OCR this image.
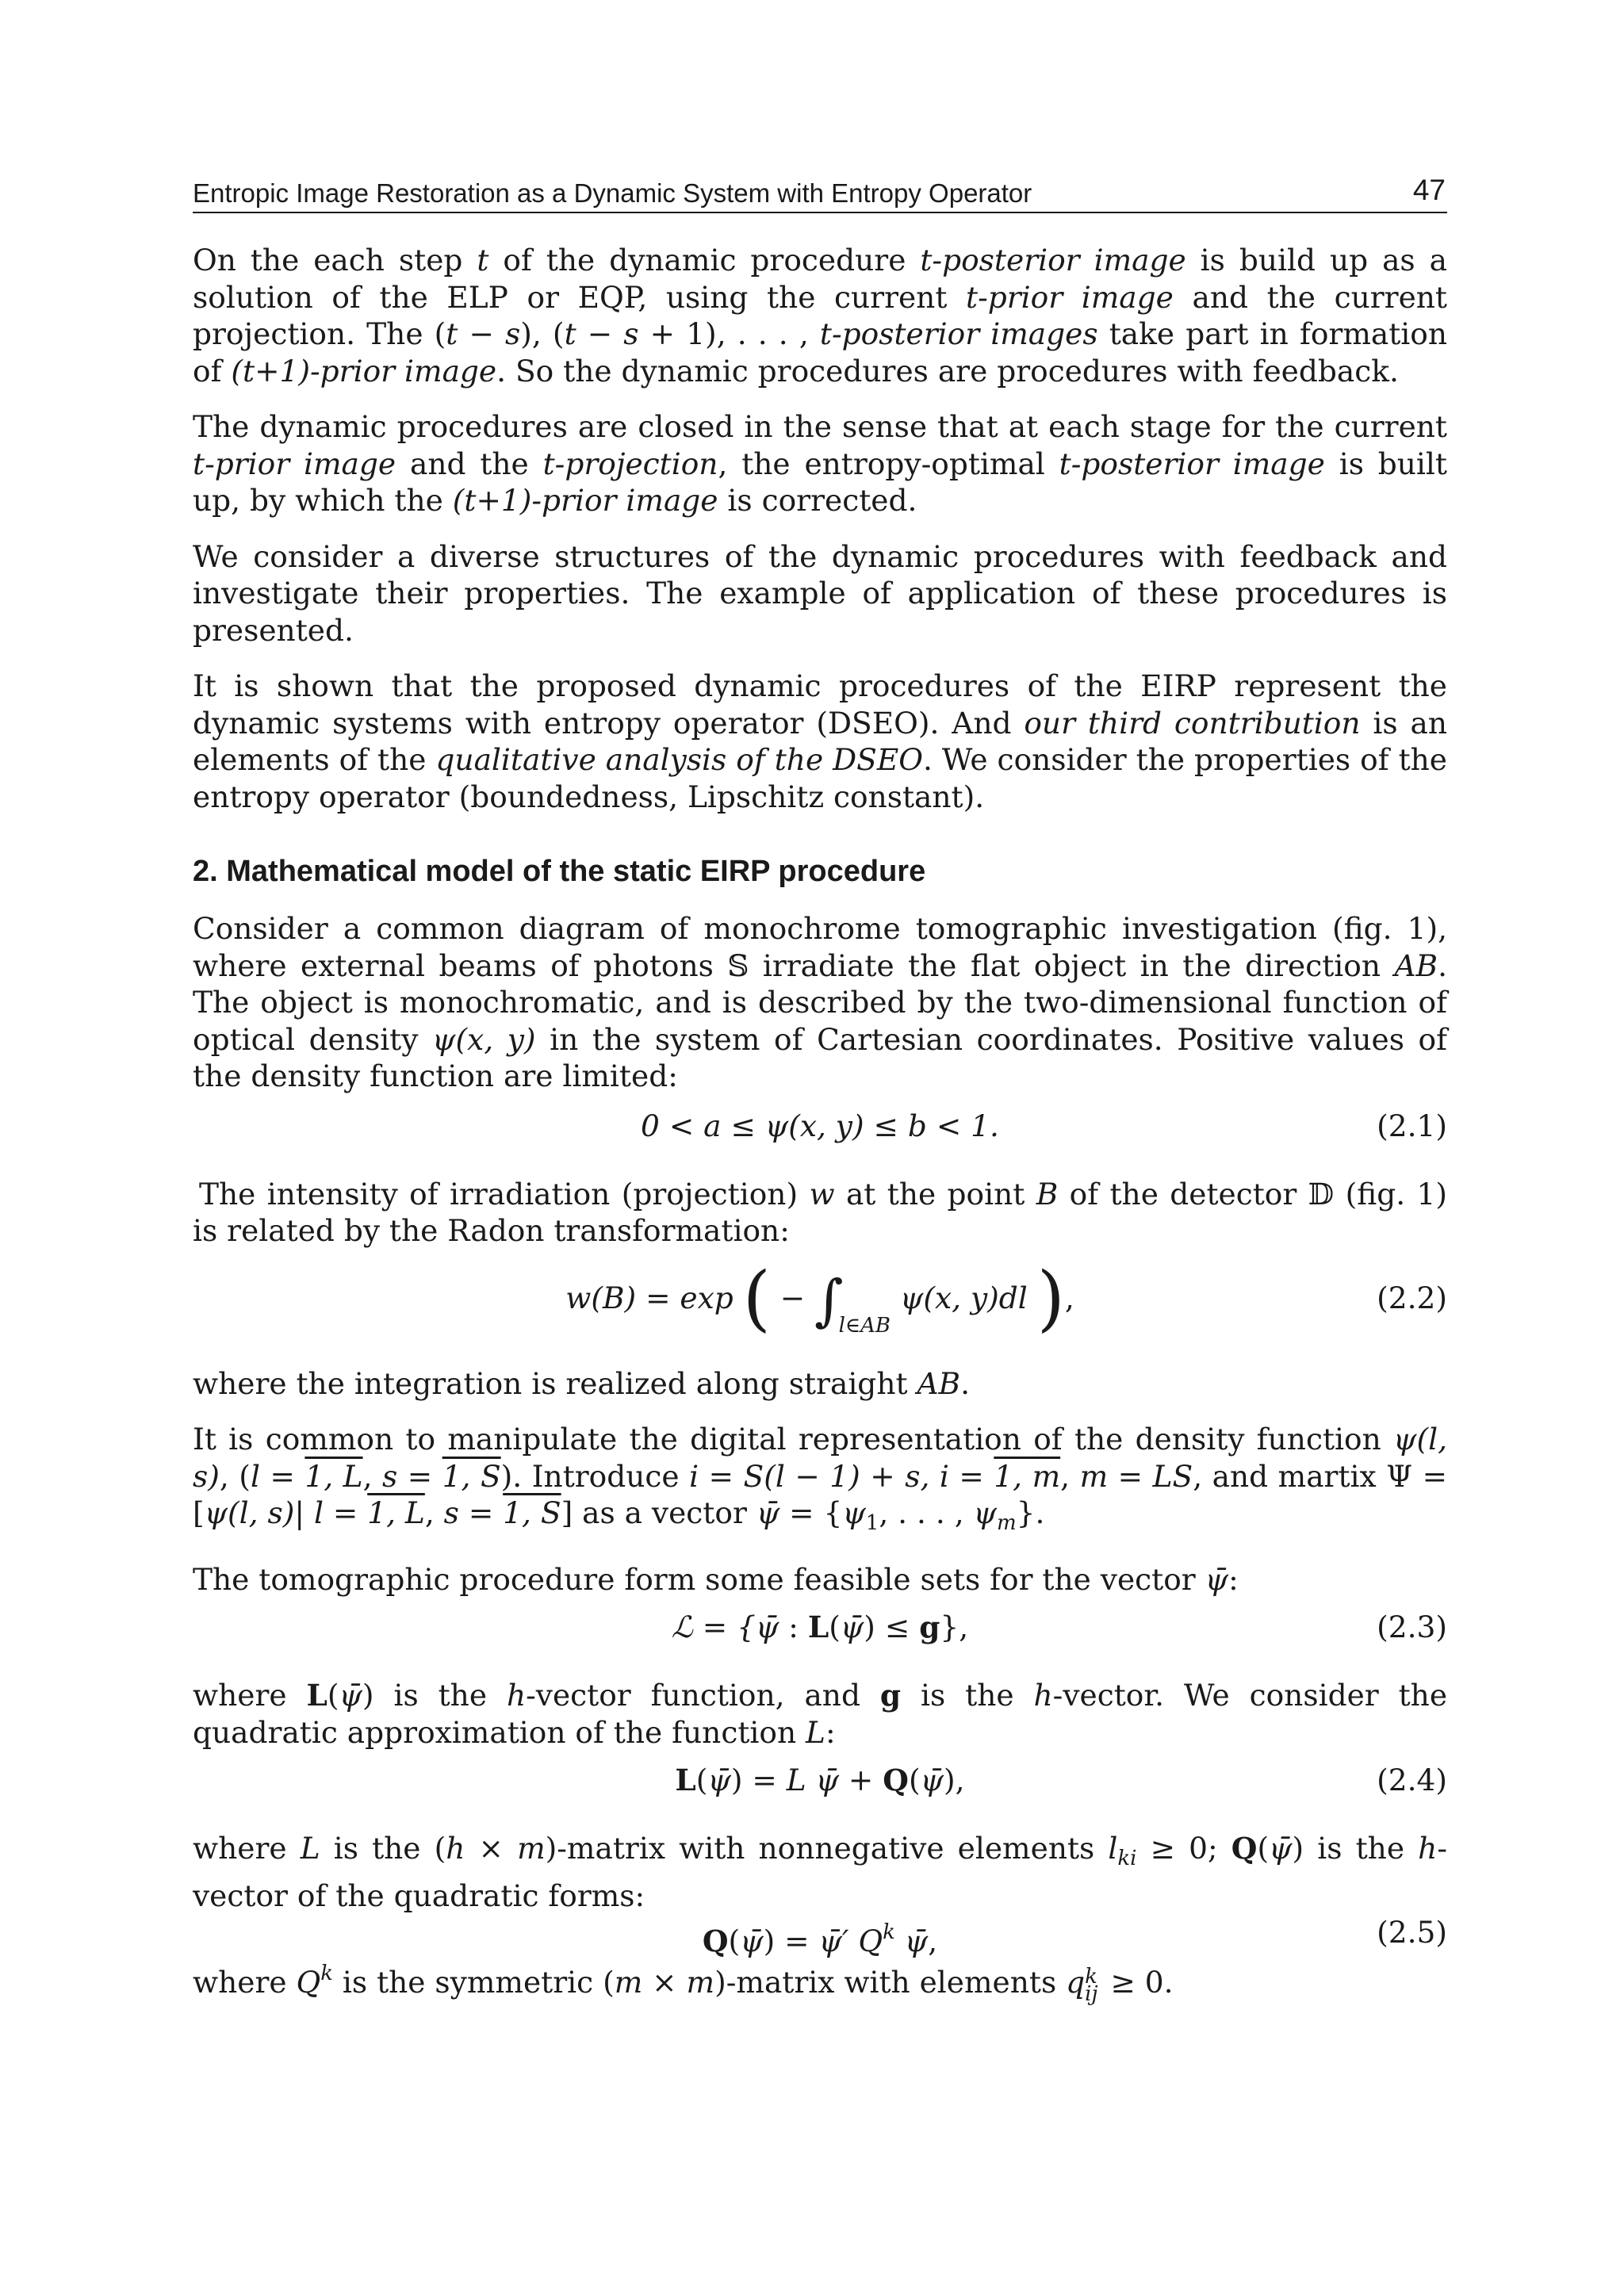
Entropic Image Restoration as a Dynamic System with Entropy Operator	47

On the each step t of the dynamic procedure t-posterior image is build up as a solution of the ELP or EQP, using the current t-prior image and the current projection. The (t − s), (t − s + 1), . . . , t-posterior images take part in formation of (t+1)-prior image. So the dynamic procedures are procedures with feedback.

The dynamic procedures are closed in the sense that at each stage for the current t-prior image and the t-projection, the entropy-optimal t-posterior image is built up, by which the (t+1)-prior image is corrected.

We consider a diverse structures of the dynamic procedures with feedback and investigate their properties. The example of application of these procedures is presented.

It is shown that the proposed dynamic procedures of the EIRP represent the dynamic systems with entropy operator (DSEO). And our third contribution is an elements of the qualitative analysis of the DSEO. We consider the properties of the entropy operator (boundedness, Lipschitz constant).

2. Mathematical model of the static EIRP procedure

Consider a common diagram of monochrome tomographic investigation (fig. 1), where external beams of photons 𝕊 irradiate the flat object in the direction AB. The object is monochromatic, and is described by the two-dimensional function of optical density ψ(x, y) in the system of Cartesian coordinates. Positive values of the density function are limited:

0 < a ≤ ψ(x, y) ≤ b < 1.	(2.1)

The intensity of irradiation (projection) w at the point B of the detector 𝔻 (fig. 1) is related by the Radon transformation:

w(B) = exp ( − $\int_{l\in AB}$ ψ(x, y)dl ),	(2.2)

where the integration is realized along straight AB.

It is common to manipulate the digital representation of the density function ψ(l, s), (l = 1, L, s = 1, S). Introduce i = S(l − 1) + s, i = 1, m, m = LS, and martix Ψ = [ψ(l, s)| l = 1, L, s = 1, S] as a vector ψ̄ = {$\psi_1$, . . . , $\psi_m$}.

The tomographic procedure form some feasible sets for the vector ψ̄:

ℒ = {ψ̄ : L(ψ̄) ≤ g},	(2.3)

where L(ψ̄) is the h-vector function, and g is the h-vector. We consider the quadratic approximation of the function L:

L(ψ̄) = L ψ̄ + Q(ψ̄),	(2.4)

where L is the (h × m)-matrix with nonnegative elements $l_{ki} \ge 0$; Q(ψ̄) is the h-vector of the quadratic forms:

Q(ψ̄) = ψ̄′ $Q^k$ ψ̄,	(2.5)

where $Q^k$ is the symmetric (m × m)-matrix with elements q k
ij ≥ 0.
